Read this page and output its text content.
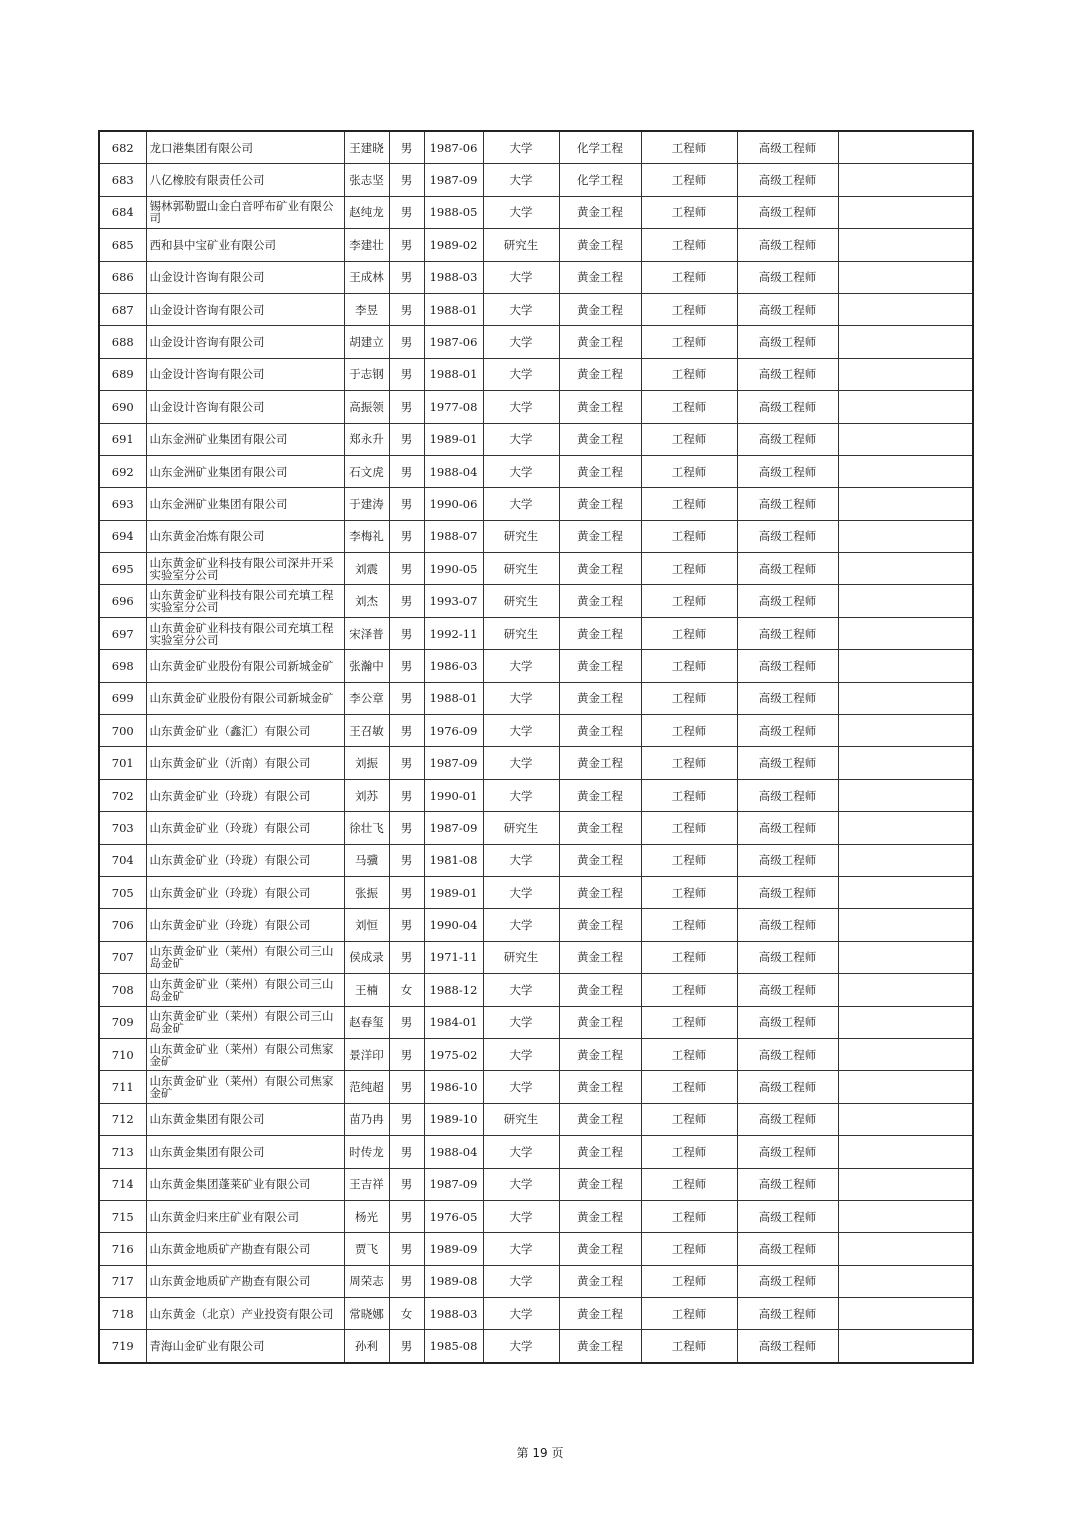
682	龙口港集团有限公司	王建晓	男	1987-06	大学	化学工程	工程师	高级工程师	
683	八亿橡胶有限责任公司	张志坚	男	1987-09	大学	化学工程	工程师	高级工程师	
684	锡林郭勒盟山金白音呼布矿业有限公司	赵纯龙	男	1988-05	大学	黄金工程	工程师	高级工程师	
685	西和县中宝矿业有限公司	李建壮	男	1989-02	研究生	黄金工程	工程师	高级工程师	
686	山金设计咨询有限公司	王成林	男	1988-03	大学	黄金工程	工程师	高级工程师	
687	山金设计咨询有限公司	李昱	男	1988-01	大学	黄金工程	工程师	高级工程师	
688	山金设计咨询有限公司	胡建立	男	1987-06	大学	黄金工程	工程师	高级工程师	
689	山金设计咨询有限公司	于志钢	男	1988-01	大学	黄金工程	工程师	高级工程师	
690	山金设计咨询有限公司	高振领	男	1977-08	大学	黄金工程	工程师	高级工程师	
691	山东金洲矿业集团有限公司	郑永升	男	1989-01	大学	黄金工程	工程师	高级工程师	
692	山东金洲矿业集团有限公司	石文虎	男	1988-04	大学	黄金工程	工程师	高级工程师	
693	山东金洲矿业集团有限公司	于建涛	男	1990-06	大学	黄金工程	工程师	高级工程师	
694	山东黄金冶炼有限公司	李梅礼	男	1988-07	研究生	黄金工程	工程师	高级工程师	
695	山东黄金矿业科技有限公司深井开采实验室分公司	刘震	男	1990-05	研究生	黄金工程	工程师	高级工程师	
696	山东黄金矿业科技有限公司充填工程实验室分公司	刘杰	男	1993-07	研究生	黄金工程	工程师	高级工程师	
697	山东黄金矿业科技有限公司充填工程实验室分公司	宋泽普	男	1992-11	研究生	黄金工程	工程师	高级工程师	
698	山东黄金矿业股份有限公司新城金矿	张瀚中	男	1986-03	大学	黄金工程	工程师	高级工程师	
699	山东黄金矿业股份有限公司新城金矿	李公章	男	1988-01	大学	黄金工程	工程师	高级工程师	
700	山东黄金矿业（鑫汇）有限公司	王召敏	男	1976-09	大学	黄金工程	工程师	高级工程师	
701	山东黄金矿业（沂南）有限公司	刘振	男	1987-09	大学	黄金工程	工程师	高级工程师	
702	山东黄金矿业（玲珑）有限公司	刘苏	男	1990-01	大学	黄金工程	工程师	高级工程师	
703	山东黄金矿业（玲珑）有限公司	徐壮飞	男	1987-09	研究生	黄金工程	工程师	高级工程师	
704	山东黄金矿业（玲珑）有限公司	马骥	男	1981-08	大学	黄金工程	工程师	高级工程师	
705	山东黄金矿业（玲珑）有限公司	张振	男	1989-01	大学	黄金工程	工程师	高级工程师	
706	山东黄金矿业（玲珑）有限公司	刘恒	男	1990-04	大学	黄金工程	工程师	高级工程师	
707	山东黄金矿业（莱州）有限公司三山岛金矿	侯成录	男	1971-11	研究生	黄金工程	工程师	高级工程师	
708	山东黄金矿业（莱州）有限公司三山岛金矿	王楠	女	1988-12	大学	黄金工程	工程师	高级工程师	
709	山东黄金矿业（莱州）有限公司三山岛金矿	赵春玺	男	1984-01	大学	黄金工程	工程师	高级工程师	
710	山东黄金矿业（莱州）有限公司焦家金矿	景洋印	男	1975-02	大学	黄金工程	工程师	高级工程师	
711	山东黄金矿业（莱州）有限公司焦家金矿	范纯超	男	1986-10	大学	黄金工程	工程师	高级工程师	
712	山东黄金集团有限公司	苗乃冉	男	1989-10	研究生	黄金工程	工程师	高级工程师	
713	山东黄金集团有限公司	时传龙	男	1988-04	大学	黄金工程	工程师	高级工程师	
714	山东黄金集团蓬莱矿业有限公司	王吉祥	男	1987-09	大学	黄金工程	工程师	高级工程师	
715	山东黄金归来庄矿业有限公司	杨光	男	1976-05	大学	黄金工程	工程师	高级工程师	
716	山东黄金地质矿产勘查有限公司	贾飞	男	1989-09	大学	黄金工程	工程师	高级工程师	
717	山东黄金地质矿产勘查有限公司	周荣志	男	1989-08	大学	黄金工程	工程师	高级工程师	
718	山东黄金（北京）产业投资有限公司	常晓娜	女	1988-03	大学	黄金工程	工程师	高级工程师	
719	青海山金矿业有限公司	孙利	男	1985-08	大学	黄金工程	工程师	高级工程师	
第 19 页
